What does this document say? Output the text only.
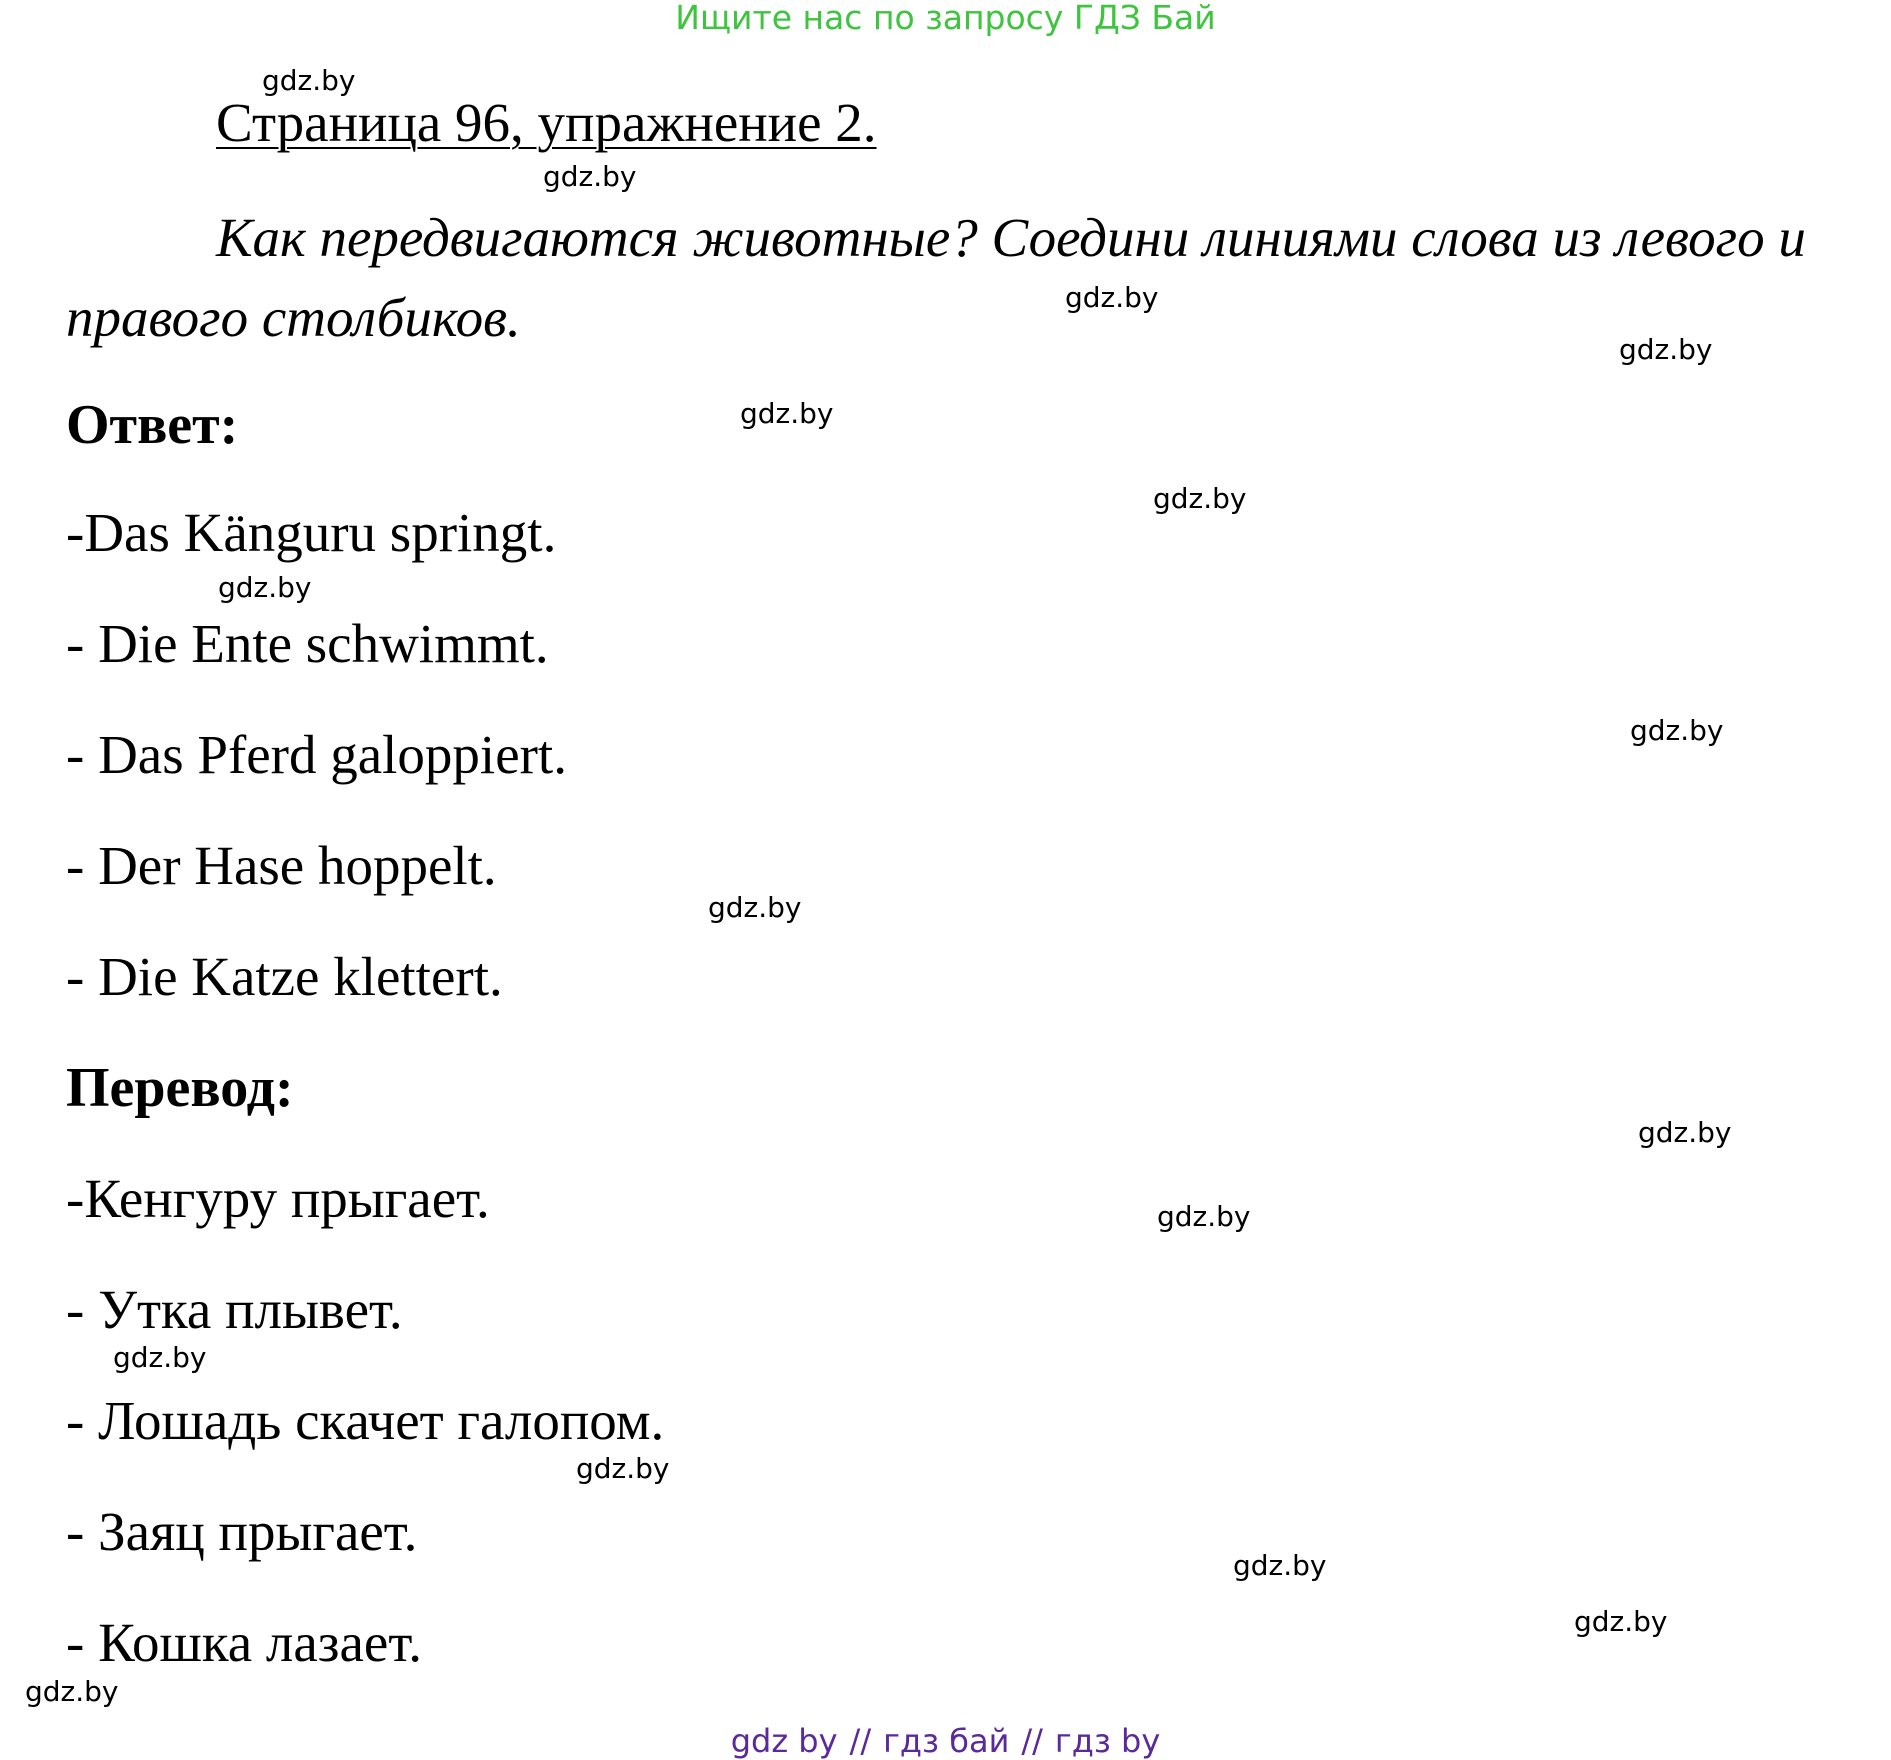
Ищите нас по запросу ГДЗ Бай
Страница 96, упражнение 2.
Как передвигаются животные? Соедини линиями слова из левого и правого столбиков.
Ответ:
-Das Känguru springt.
- Die Ente schwimmt.
- Das Pferd galoppiert.
- Der Hase hoppelt.
- Die Katze klettert.
Перевод:
-Кенгуру прыгает.
- Утка плывет.
- Лошадь скачет галопом.
- Заяц прыгает.
- Кошка лазает.
gdz.by
gdz.by
gdz.by
gdz.by
gdz.by
gdz.by
gdz.by
gdz.by
gdz.by
gdz.by
gdz.by
gdz.by
gdz.by
gdz.by
gdz.by
gdz.by
gdz by // гдз бай // гдз by
